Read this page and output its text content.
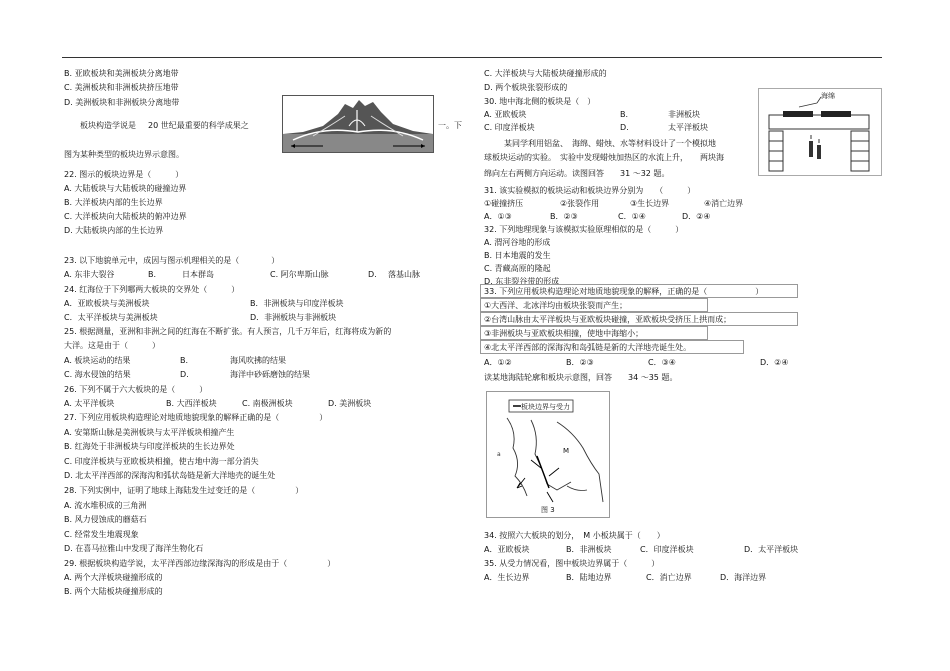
B. 亚欧板块和美洲板块分离地带
C. 美洲板块和非洲板块挤压地带
D. 美洲板块和非洲板块分离地带
板块构造学说是 20 世纪最重要的科学成果之	一。下
图为某种类型的板块边界示意图。
22. 图示的板块边界是（　　　）
A. 大陆板块与大陆板块的碰撞边界
B. 大洋板块内部的生长边界
C. 大洋板块向大陆板块的俯冲边界
D. 大陆板块内部的生长边界
23. 以下地貌单元中，成因与图示机理相关的是（　　　　）
A. 东非大裂谷	B.	日本群岛	C. 阿尔卑斯山脉	D. 落基山脉
24. 红海位于下列哪两大板块的交界处（　　　）
A．亚欧板块与美洲板块	B．非洲板块与印度洋板块
C．太平洋板块与美洲板块	D．非洲板块与非洲板块
25. 根据测量，亚洲和非洲之间的红海在不断扩张。有人预言，几千万年后，红海将成为新的
大洋。这是由于（　　　）
A. 板块运动的结果	B.	海风吹拂的结果
C. 海水侵蚀的结果	D.	海洋中砂砾磨蚀的结果
26. 下列不属于六大板块的是（　　　）
A. 太平洋板块	B. 大西洋板块	C. 南极洲板块	D. 美洲板块
27. 下列应用板块构造理论对地质地貌现象的解释正确的是（　　　　　）
A. 安第斯山脉是美洲板块与太平洋板块相撞产生
B. 红海处于非洲板块与印度洋板块的生长边界处
C. 印度洋板块与亚欧板块相撞，使古地中海一部分消失
D. 北太平洋西部的深海沟和弧状岛链是新大洋地壳的诞生处
28. 下列实例中，证明了地球上海陆发生过变迁的是（　　　　　）
A. 流水堆积成的三角洲
B. 风力侵蚀成的蘑菇石
C. 经常发生地震现象
D. 在喜马拉雅山中发现了海洋生物化石
29. 根据板块构造学说，太平洋西部边缘深海沟的形成是由于（　　　　　）
A. 两个大洋板块碰撞形成的
B. 两个大陆板块碰撞形成的
C. 大洋板块与大陆板块碰撞形成的
D. 两个板块张裂形成的
30. 地中海北侧的板块是（　）
A. 亚欧板块	B.	非洲板块
C. 印度洋板块	D.	太平洋板块
某同学利用铝盆、　海绵、蜡烛、水等材料设计了一个模拟地
球板块运动的实验。　实验中发现蜡烛加热区的水流上升，　　两块海
绵向左右两侧方向运动。读图回答　　31 ～32 题。
海绵
31. 该实验模拟的板块运动和板块边界分别为　　（　　　）
①碰撞挤压	②张裂作用	③生长边界	④消亡边界
A．①③	B．②③	C．①④	D．②④
32. 下列地理现象与该模拟实验原理相似的是（　　　）
A. 渭河谷地的形成
B. 日本地震的发生
C. 青藏高原的隆起
D. 东非裂谷带的形成
33. 下列应用板块构造理论对地质地貌现象的解释，正确的是（　　　　　　）
①大西洋、北冰洋均由板块张裂而产生；
②台湾山脉由太平洋板块与亚欧板块碰撞，亚欧板块受挤压上拱而成；
③非洲板块与亚欧板块相撞，使地中海缩小；
④北太平洋西部的深海沟和岛弧链是新的大洋地壳诞生处。
A．①②	B．②③	C．③④	D．②④
读某地海陆轮廓和板块示意图，回答　　34 ～35 题。
a
板块边界与受力
M
图 3
34. 按照六大板块的划分，　M 小板块属于（　　）
A．亚欧板块	B．非洲板块	C．印度洋板块	D．太平洋板块
35. 从受力情况看，图中板块边界属于（　　　）
A．生长边界	B．陆地边界	C．消亡边界	D．海洋边界
